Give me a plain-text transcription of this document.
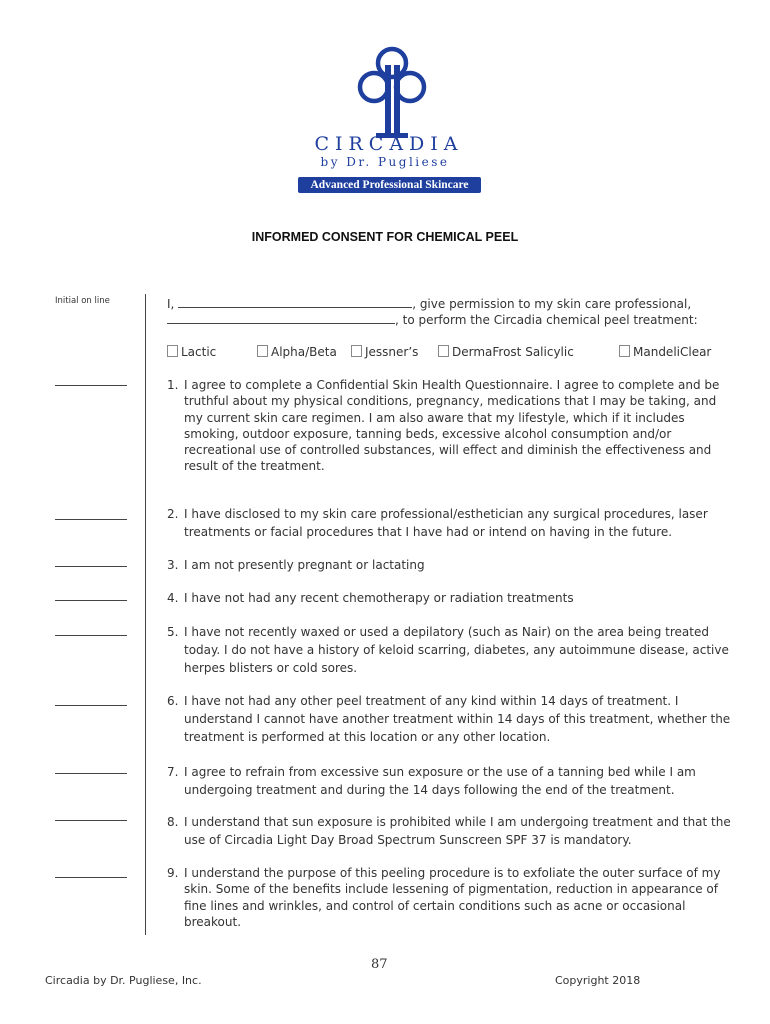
CIRCADIA
by Dr. Pugliese
Advanced Professional Skincare
INFORMED CONSENT FOR CHEMICAL PEEL
Initial on line	I,	, give permission to my skin care professional,
, to perform the Circadia chemical peel treatment:
Lactic	Alpha/Beta	Jessner’s	DermaFrost Salicylic	MandeliClear
1. I agree to complete a Confidential Skin Health Questionnaire. I agree to complete and be truthful about my physical conditions, pregnancy, medications that I may be taking, and my current skin care regimen. I am also aware that my lifestyle, which if it includes smoking, outdoor exposure, tanning beds, excessive alcohol consumption and/or recreational use of controlled substances, will effect and diminish the effectiveness and result of the treatment.
2. I have disclosed to my skin care professional/esthetician any surgical procedures, laser treatments or facial procedures that I have had or intend on having in the future.
3. I am not presently pregnant or lactating
4. I have not had any recent chemotherapy or radiation treatments
5. I have not recently waxed or used a depilatory (such as Nair) on the area being treated today. I do not have a history of keloid scarring, diabetes, any autoimmune disease, active herpes blisters or cold sores.
6. I have not had any other peel treatment of any kind within 14 days of treatment. I understand I cannot have another treatment within 14 days of this treatment, whether the treatment is performed at this location or any other location.
7. I agree to refrain from excessive sun exposure or the use of a tanning bed while I am undergoing treatment and during the 14 days following the end of the treatment.
8. I understand that sun exposure is prohibited while I am undergoing treatment and that the use of Circadia Light Day Broad Spectrum Sunscreen SPF 37 is mandatory.
9. I understand the purpose of this peeling procedure is to exfoliate the outer surface of my skin. Some of the benefits include lessening of pigmentation, reduction in appearance of fine lines and wrinkles, and control of certain conditions such as acne or occasional breakout.
87
Circadia by Dr. Pugliese, Inc.	Copyright 2018
